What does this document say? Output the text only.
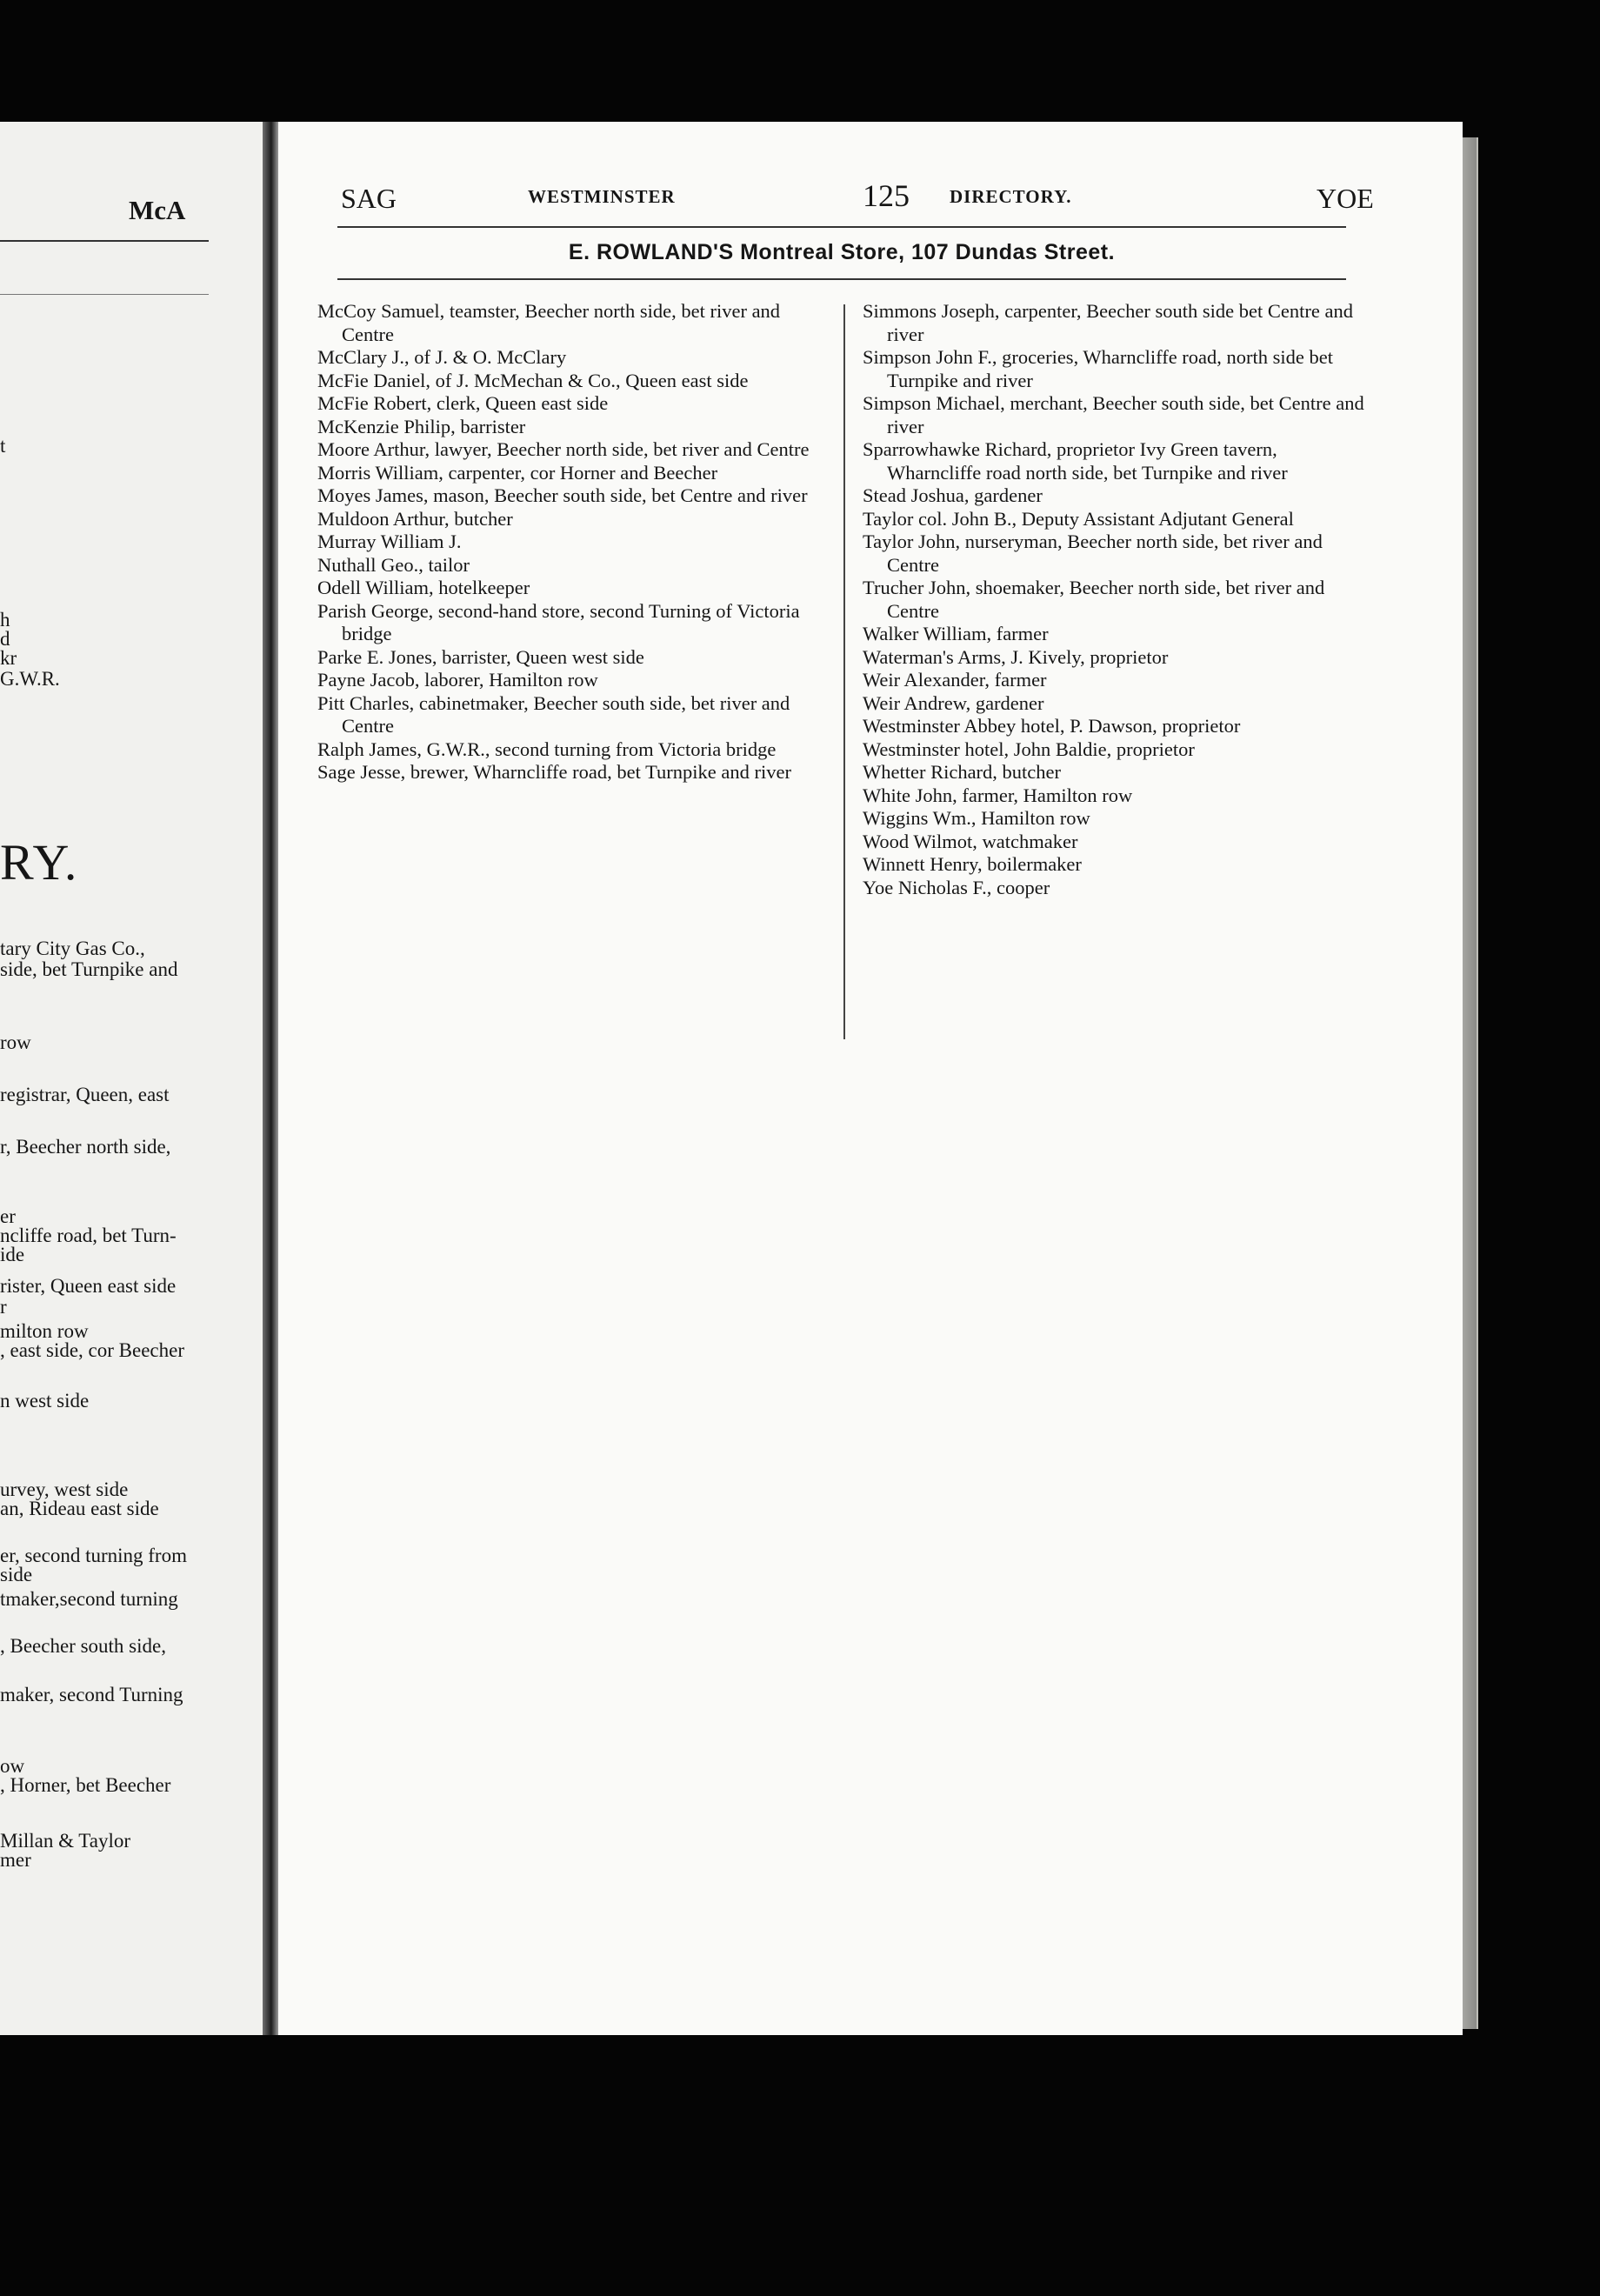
McA
RY.
t
h
d
kr
G.W.R.
tary City Gas Co.,
side, bet Turnpike and
row
registrar, Queen, east
r, Beecher north side,
er
ncliffe road, bet Turn-
ide
rister, Queen east side
r
milton row
, east side, cor Beecher
n west side
urvey, west side
an, Rideau east side
er, second turning from
side
tmaker,second turning
, Beecher south side,
maker, second Turning
ow
, Horner, bet Beecher
Millan & Taylor
mer
SAG	WESTMINSTER	125 DIRECTORY.	YOE
E. ROWLAND'S Montreal Store, 107 Dundas Street.
McCoy Samuel, teamster, Beecher north side, bet river and Centre
McClary J., of J. & O. McClary
McFie Daniel, of J. McMechan & Co., Queen east side
McFie Robert, clerk, Queen east side
McKenzie Philip, barrister
Moore Arthur, lawyer, Beecher north side, bet river and Centre
Morris William, carpenter, cor Horner and Beecher
Moyes James, mason, Beecher south side, bet Centre and river
Muldoon Arthur, butcher
Murray William J.
Nuthall Geo., tailor
Odell William, hotelkeeper
Parish George, second-hand store, second Turning of Victoria bridge
Parke E. Jones, barrister, Queen west side
Payne Jacob, laborer, Hamilton row
Pitt Charles, cabinetmaker, Beecher south side, bet river and Centre
Ralph James, G.W.R., second turning from Victoria bridge
Sage Jesse, brewer, Wharncliffe road, bet Turnpike and river
Simmons Joseph, carpenter, Beecher south side bet Centre and river
Simpson John F., groceries, Wharncliffe road, north side bet Turnpike and river
Simpson Michael, merchant, Beecher south side, bet Centre and river
Sparrowhawke Richard, proprietor Ivy Green tavern, Wharncliffe road north side, bet Turnpike and river
Stead Joshua, gardener
Taylor col. John B., Deputy Assistant Adjutant General
Taylor John, nurseryman, Beecher north side, bet river and Centre
Trucher John, shoemaker, Beecher north side, bet river and Centre
Walker William, farmer
Waterman's Arms, J. Kively, proprietor
Weir Alexander, farmer
Weir Andrew, gardener
Westminster Abbey hotel, P. Dawson, proprietor
Westminster hotel, John Baldie, proprietor
Whetter Richard, butcher
White John, farmer, Hamilton row
Wiggins Wm., Hamilton row
Wood Wilmot, watchmaker
Winnett Henry, boilermaker
Yoe Nicholas F., cooper
